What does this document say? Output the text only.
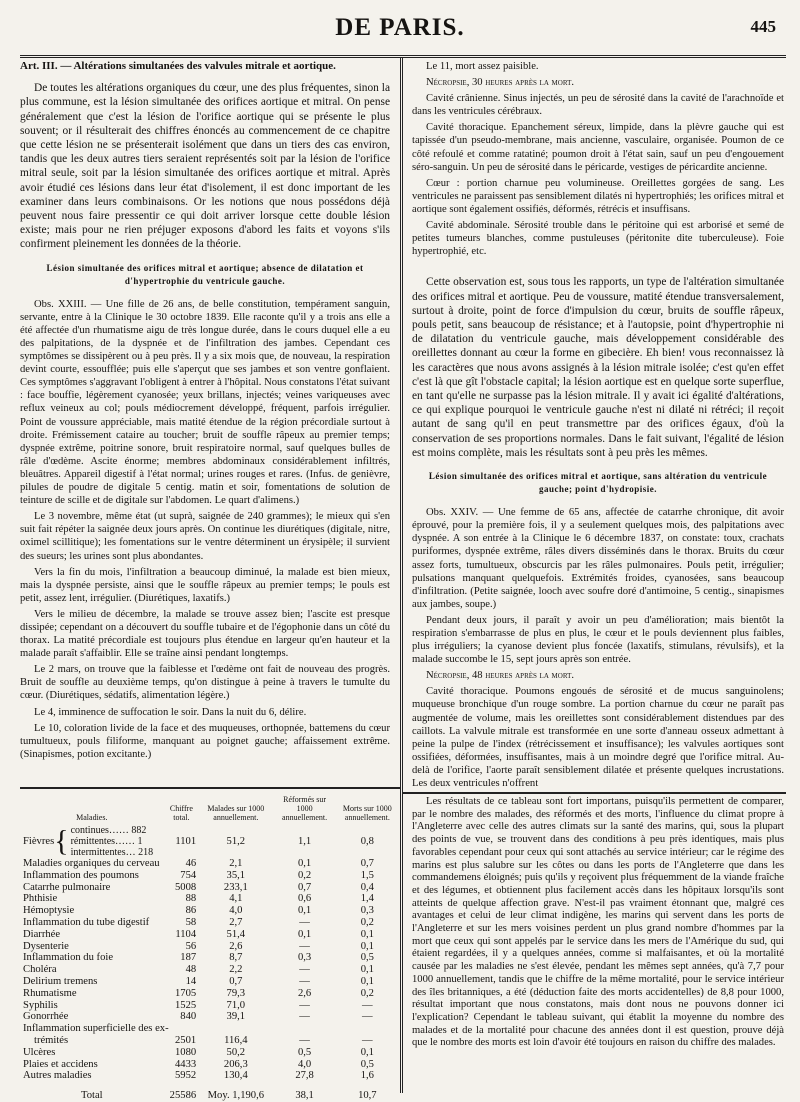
DE PARIS.	445

Art. III. — Altérations simultanées des valvules mitrale et aortique.

De toutes les altérations organiques du cœur, une des plus fréquentes, sinon la plus commune, est la lésion simultanée des orifices aortique et mitral. On pense généralement que c'est la lésion de l'orifice aortique qui se présente le plus souvent; or il résulterait des chiffres énoncés au commencement de ce chapitre que cette lésion ne se présenterait isolément que dans un tiers des cas environ, tandis que les deux autres tiers seraient représentés soit par la lésion de l'orifice mitral seule, soit par la lésion simultanée des orifices aortique et mitral. Après avoir étudié ces lésions dans leur état d'isolement, il est donc important de les examiner dans leurs combinaisons. Or les notions que nous possédons déjà peuvent nous faire pressentir ce qui doit arriver lorsque cette double lésion existe; mais pour ne rien préjuger exposons d'abord les faits et voyons s'ils confirment pleinement les données de la théorie.

Lésion simultanée des orifices mitral et aortique; absence de dilatation et d'hypertrophie du ventricule gauche.

Obs. XXIII. — Une fille de 26 ans, de belle constitution, tempérament sanguin, servante, entre à la Clinique le 30 octobre 1839. Elle raconte qu'il y a trois ans elle a été affectée d'un rhumatisme aigu de très longue durée, dans le cours duquel elle a eu des palpitations, de la dyspnée et de l'infiltration des jambes. Cependant ces symptômes se dissipèrent ou à peu près. Il y a six mois que, de nouveau, la respiration devint courte, essoufflée; puis elle s'aperçut que ses jambes et son ventre gonflaient. Ces symptômes s'aggravant l'obligent à entrer à l'hôpital. Nous constatons l'état suivant : face bouffie, légèrement cyanosée; yeux brillans, injectés; veines variqueuses avec reflux veineux au col; pouls médiocrement développé, fréquent, parfois irrégulier. Point de voussure appréciable, mais matité étendue de la région précordiale surtout à droite. Frémissement cataire au toucher; bruit de souffle râpeux au premier temps; dyspnée extrême, poitrine sonore, bruit respiratoire normal, sauf quelques bulles de râle d'œdème. Ascite énorme; membres abdominaux considérablement infiltrés, bleuâtres. Appareil digestif à l'état normal; urines rouges et rares. (Infus. de genièvre, pilules de poudre de digitale 5 centig. matin et soir, fomentations de solution de teinture de scille et de digitale sur l'abdomen. Le quart d'alimens.)

Le 3 novembre, même état (ut suprà, saignée de 240 grammes); le mieux qui s'en suit fait répéter la saignée deux jours après. On continue les diurétiques (digitale, nitre, oximel scillitique); les fomentations sur le ventre déterminent un érysipèle; il survient des sueurs; les urines sont plus abondantes.

Vers la fin du mois, l'infiltration a beaucoup diminué, la malade est bien mieux, mais la dyspnée persiste, ainsi que le souffle râpeux au premier temps; le pouls est petit, assez lent, irrégulier. (Diurétiques, laxatifs.)

Vers le milieu de décembre, la malade se trouve assez bien; l'ascite est presque dissipée; cependant on a découvert du souffle tubaire et de l'égophonie dans un côté du thorax. La matité précordiale est toujours plus étendue en largeur qu'en hauteur et la malade paraît s'affaiblir. Elle se traîne ainsi pendant longtemps.

Le 2 mars, on trouve que la faiblesse et l'œdème ont fait de nouveau des progrès. Bruit de souffle au deuxième temps, qu'on distingue à peine à travers le tumulte du cœur. (Diurétiques, sédatifs, alimentation légère.)

Le 4, imminence de suffocation le soir. Dans la nuit du 6, délire.

Le 10, coloration livide de la face et des muqueuses, orthopnée, battemens du cœur tumultueux, pouls filiforme, manquant au poignet gauche; affaissement extrême. (Sinapismes, potion excitante.)

Le 11, mort assez paisible.

Nécropsie, 30 heures après la mort.

Cavité crânienne. Sinus injectés, un peu de sérosité dans la cavité de l'arachnoïde et dans les ventricules cérébraux.

Cavité thoracique. Epanchement séreux, limpide, dans la plèvre gauche qui est tapissée d'un pseudo-membrane, mais ancienne, vasculaire, organisée. Poumon de ce côté refoulé et comme ratatiné; poumon droit à l'état sain, sauf un peu d'engouement séro-sanguin. Un peu de sérosité dans le péricarde, vestiges de péricardite ancienne.

Cœur : portion charnue peu volumineuse. Oreillettes gorgées de sang. Les ventricules ne paraissent pas sensiblement dilatés ni hypertrophiés; les orifices mitral et aortique sont également ossifiés, déformés, rétrécis et insuffisans.

Cavité abdominale. Sérosité trouble dans le péritoine qui est arborisé et semé de petites tumeurs blanches, comme pustuleuses (péritonite dite tuberculeuse). Foie hypertrophié, etc.

Cette observation est, sous tous les rapports, un type de l'altération simultanée des orifices mitral et aortique. Peu de voussure, matité étendue transversalement, surtout à droite, point de force d'impulsion du cœur, bruits de souffle râpeux, pouls petit, sans beaucoup de résistance; et à l'autopsie, point d'hypertrophie ni de dilatation du ventricule gauche, mais développement considérable des oreillettes donnant au cœur la forme en gibecière. Eh bien! vous reconnaissez là les caractères que nous avons assignés à la lésion mitrale isolée; c'est qu'en effet c'est là que gît l'obstacle capital; la lésion aortique est en quelque sorte superflue, en tant qu'elle ne surpasse pas la lésion mitrale. Il y avait ici égalité d'altérations, ce qui explique pourquoi le ventricule gauche n'est ni dilaté ni rétréci; il reçoit autant de sang qu'il en peut transmettre par des orifices égaux, d'où la conservation de ses proportions normales. Dans le fait suivant, l'égalité de lésion est moins complète, mais les résultats sont à peu près les mêmes.

Lésion simultanée des orifices mitral et aortique, sans altération du ventricule gauche; point d'hydropisie.

Obs. XXIV. — Une femme de 65 ans, affectée de catarrhe chronique, dit avoir éprouvé, pour la première fois, il y a seulement quelques mois, des palpitations avec dyspnée. A son entrée à la Clinique le 6 décembre 1837, on constate: toux, crachats puriformes, dyspnée extrême, râles divers disséminés dans le thorax. Bruits du cœur assez forts, tumultueux, obscurcis par les râles pulmonaires. Pouls petit, irrégulier; pulsations manquant quelquefois. Extrémités froides, cyanosées, sans beaucoup d'infiltration. (Petite saignée, looch avec soufre doré d'antimoine, 5 centig., sinapismes aux jambes, soupe.)

Pendant deux jours, il paraît y avoir un peu d'amélioration; mais bientôt la respiration s'embarrasse de plus en plus, le cœur et le pouls deviennent plus faibles, plus irréguliers; la cyanose devient plus foncée (laxatifs, stimulans, révulsifs), et la malade succombe le 15, sept jours après son entrée.

Nécropsie, 48 heures après la mort.

Cavité thoracique. Poumons engoués de sérosité et de mucus sanguinolens; muqueuse bronchique d'un rouge sombre. La portion charnue du cœur ne paraît pas augmentée de volume, mais les oreillettes sont considérablement distendues par des caillots. La valvule mitrale est transformée en une sorte d'anneau osseux admettant à peine la pulpe de l'index (rétrécissement et insuffisance); les valvules aortiques sont ossifiées, déformées, insuffisantes, mais à un moindre degré que l'orifice mitral. Au-delà de l'orifice, l'aorte paraît sensiblement dilatée et présente quelques incrustations. Les deux ventricules n'offrent

Maladies.	Chiffre total.	Malades sur 1000 annuellement.	Réformés sur 1000 annuellement.	Morts sur 1000 annuellement.
Fièvres{ continues…… 882
rémittentes…… 1
intermittentes… 218	1101	51,2	1,1	0,8
Maladies organiques du cerveau	46	2,1	0,1	0,7
Inflammation des poumons	754	35,1	0,2	1,5
Catarrhe pulmonaire	5008	233,1	0,7	0,4
Phthisie	88	4,1	0,6	1,4
Hémoptysie	86	4,0	0,1	0,3
Inflammation du tube digestif	58	2,7	—	0,2
Diarrhée	1104	51,4	0,1	0,1
Dysenterie	56	2,6	—	0,1
Inflammation du foie	187	8,7	0,3	0,5
Choléra	48	2,2	—	0,1
Delirium tremens	14	0,7	—	0,1
Rhumatisme	1705	79,3	2,6	0,2
Syphilis	1525	71,0	—	—
Gonorrhée	840	39,1	—	—
Inflammation superficielle des ex-				
trémités	2501	116,4	—	—
Ulcères	1080	50,2	0,5	0,1
Plaies et accidens	4433	206,3	4,0	0,5
Autres maladies	5952	130,4	27,8	1,6
Total	25586	Moy. 1,190,6	38,1	10,7

Les résultats de ce tableau sont fort importans, puisqu'ils permettent de comparer, par le nombre des malades, des réformés et des morts, l'influence du climat propre à l'Angleterre avec celle des autres climats sur la santé des marins, qui, sous la plupart des points de vue, se trouvent dans des conditions à peu près identiques, mais plus favorables cependant pour ceux qui sont attachés au service intérieur; car le régime des marins est plus salubre sur les côtes ou dans les ports de l'Angleterre que dans les commandemens éloignés; puis qu'ils y reçoivent plus fréquemment de la viande fraîche et des légumes, et obtiennent plus facilement accès dans les hôpitaux lorsqu'ils sont atteints de quelque affection grave. N'est-il pas vraiment étonnant que, malgré ces avantages et celui de leur climat indigène, les marins qui servent dans les ports de l'Angleterre et sur les mers voisines perdent un plus grand nombre d'hommes par la mort que ceux qui sont appelés par le service dans les mers de l'Amérique du sud, qui étaient regardées, il y a quelques années, comme si malfaisantes, et où la mortalité causée par les maladies ne s'est élevée, pendant les mêmes sept années, qu'à 7,7 pour 1000 annuellement, tandis que le chiffre de la même mortalité, pour le service intérieur des îles britanniques, a été (déduction faite des morts accidentelles) de 8,8 pour 1000, résultat important que nous constatons, mais dont nous ne pouvons donner ici l'explication? Cependant le tableau suivant, qui établit la moyenne du nombre des malades et de la mortalité pour chacune des années dont il est question, prouve déjà que le nombre des morts est loin d'avoir été toujours en raison du chiffre des malades.
